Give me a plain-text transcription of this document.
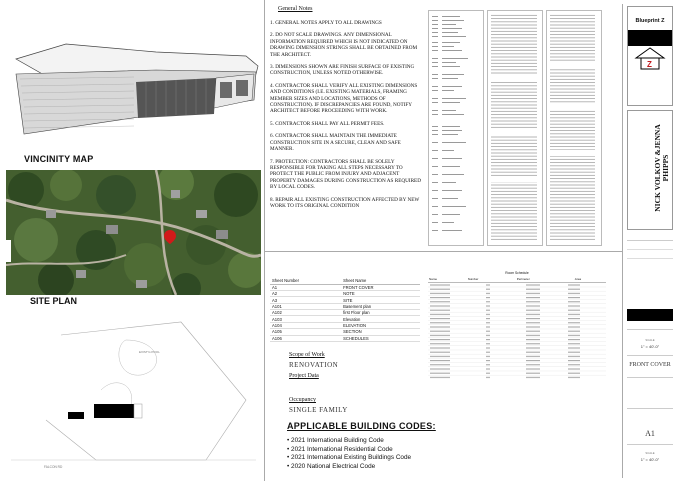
VINCINITY MAP
SITE PLAN
EXIST'G POOL
FALCON RD
General Notes
1. GENERAL NOTES APPLY TO ALL DRAWINGS
2. DO NOT SCALE DRAWINGS. ANY DIMENSIONAL INFORMATION REQUIRED WHICH IS NOT INDICATED ON DRAWING DIMENSION STRINGS SHALL BE OBTAINED FROM THE ARCHITECT.
3. DIMENSIONS SHOWN ARE FINISH SURFACE OF EXISTING CONSTRUCTION, UNLESS NOTED OTHERWISE.
4. CONTRACTOR SHALL VERIFY ALL EXISTING DIMENSIONS AND CONDITIONS (I.E. EXISTING MATERIALS, FRAMING MEMBER SIZES AND LOCATIONS, METHODS OF CONSTRUCTION). IF DISCREPANCIES ARE FOUND, NOTIFY ARCHITECT BEFORE PROCEEDING WITH WORK.
5. CONTRACTOR SHALL PAY ALL PERMIT FEES.
6. CONTRACTOR SHALL MAINTAIN THE IMMEDIATE CONSTRUCTION SITE IN A SECURE, CLEAN AND SAFE MANNER.
7. PROTECTION: CONTRACTORS SHALL BE SOLELY RESPONSIBLE FOR TAKING ALL STEPS NECESSARY TO PROTECT THE PUBLIC FROM INJURY AND ADJACENT PROPERTY DAMAGES DURING CONSTRUCTION AS REQUIRED BY LOCAL CODES.
8. REPAIR ALL EXISTING CONSTRUCTION AFFECTED BY NEW WORK TO ITS ORIGINAL CONDITION
Sheet Number	Sheet Name
A1	FRONT COVER
A2	NOTE
A3	SITE
A101	Basement plan
A102	first Floor plan
A103	Elevation
A104	ELEVATION
A105	SECTION
A106	SCHEDULES
Room Schedule
Name	Number	Perimeter	Area
Scope of Work
RENOVATION
Project Data
Occupancy
SINGLE FAMILY
APPLICABLE BUILDING CODES:
• 2021 International Building Code
• 2021 International Residential Code
• 2021 International Existing Buildings Code
• 2020 National Electrical Code
Blueprint Z
Z
NICK VOLKOV &JENNA PHIPPS
SCALE
1" = 40'-0"
FRONT COVER
A1
SCALE
1" = 40'-0"
